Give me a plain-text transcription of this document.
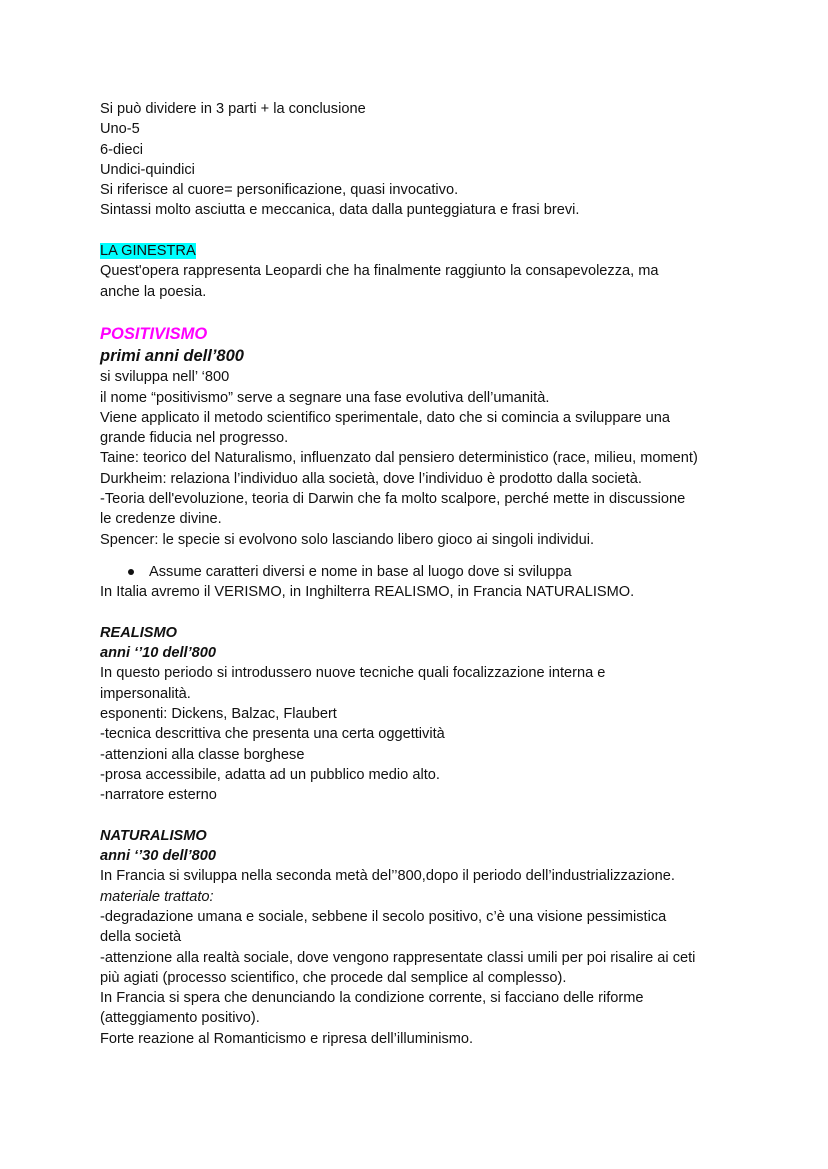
Si può dividere in 3 parti + la conclusione
Uno-5
6-dieci
Undici-quindici
Si riferisce al cuore= personificazione, quasi invocativo.
Sintassi molto asciutta e meccanica, data dalla punteggiatura e frasi brevi.
LA GINESTRA
Quest'opera rappresenta Leopardi che ha finalmente raggiunto la consapevolezza, ma
anche la poesia.
POSITIVISMO
primi anni dell’800
si sviluppa nell’ ‘800
il nome “positivismo” serve a segnare una fase evolutiva dell’umanità.
Viene applicato il metodo scientifico sperimentale, dato che si comincia a sviluppare una
grande fiducia nel progresso.
Taine: teorico del Naturalismo, influenzato dal pensiero deterministico (race, milieu, moment)
Durkheim: relaziona l’individuo alla società, dove l’individuo è prodotto dalla società.
-Teoria dell'evoluzione, teoria di Darwin che fa molto scalpore, perché mette in discussione
le credenze divine.
Spencer: le specie si evolvono solo lasciando libero gioco ai singoli individui.
Assume caratteri diversi e nome in base al luogo dove si sviluppa
In Italia avremo il VERISMO, in Inghilterra REALISMO, in Francia NATURALISMO.
REALISMO
anni ‘’10 dell’800
In questo periodo si introdussero nuove tecniche quali focalizzazione interna e
impersonalità.
esponenti: Dickens, Balzac, Flaubert
-tecnica descrittiva che presenta una certa oggettività
-attenzioni alla classe borghese
-prosa accessibile, adatta ad un pubblico medio alto.
-narratore esterno
NATURALISMO
anni ‘’30 dell’800
In Francia si sviluppa nella seconda metà del’’800,dopo il periodo dell’industrializzazione.
materiale trattato:
-degradazione umana e sociale, sebbene il secolo positivo, c’è una visione pessimistica
della società
-attenzione alla realtà sociale, dove vengono rappresentate classi umili per poi risalire ai ceti
più agiati (processo scientifico, che procede dal semplice al complesso).
In Francia si spera che denunciando la condizione corrente, si facciano delle riforme
(atteggiamento positivo).
Forte reazione al Romanticismo e ripresa dell’illuminismo.
